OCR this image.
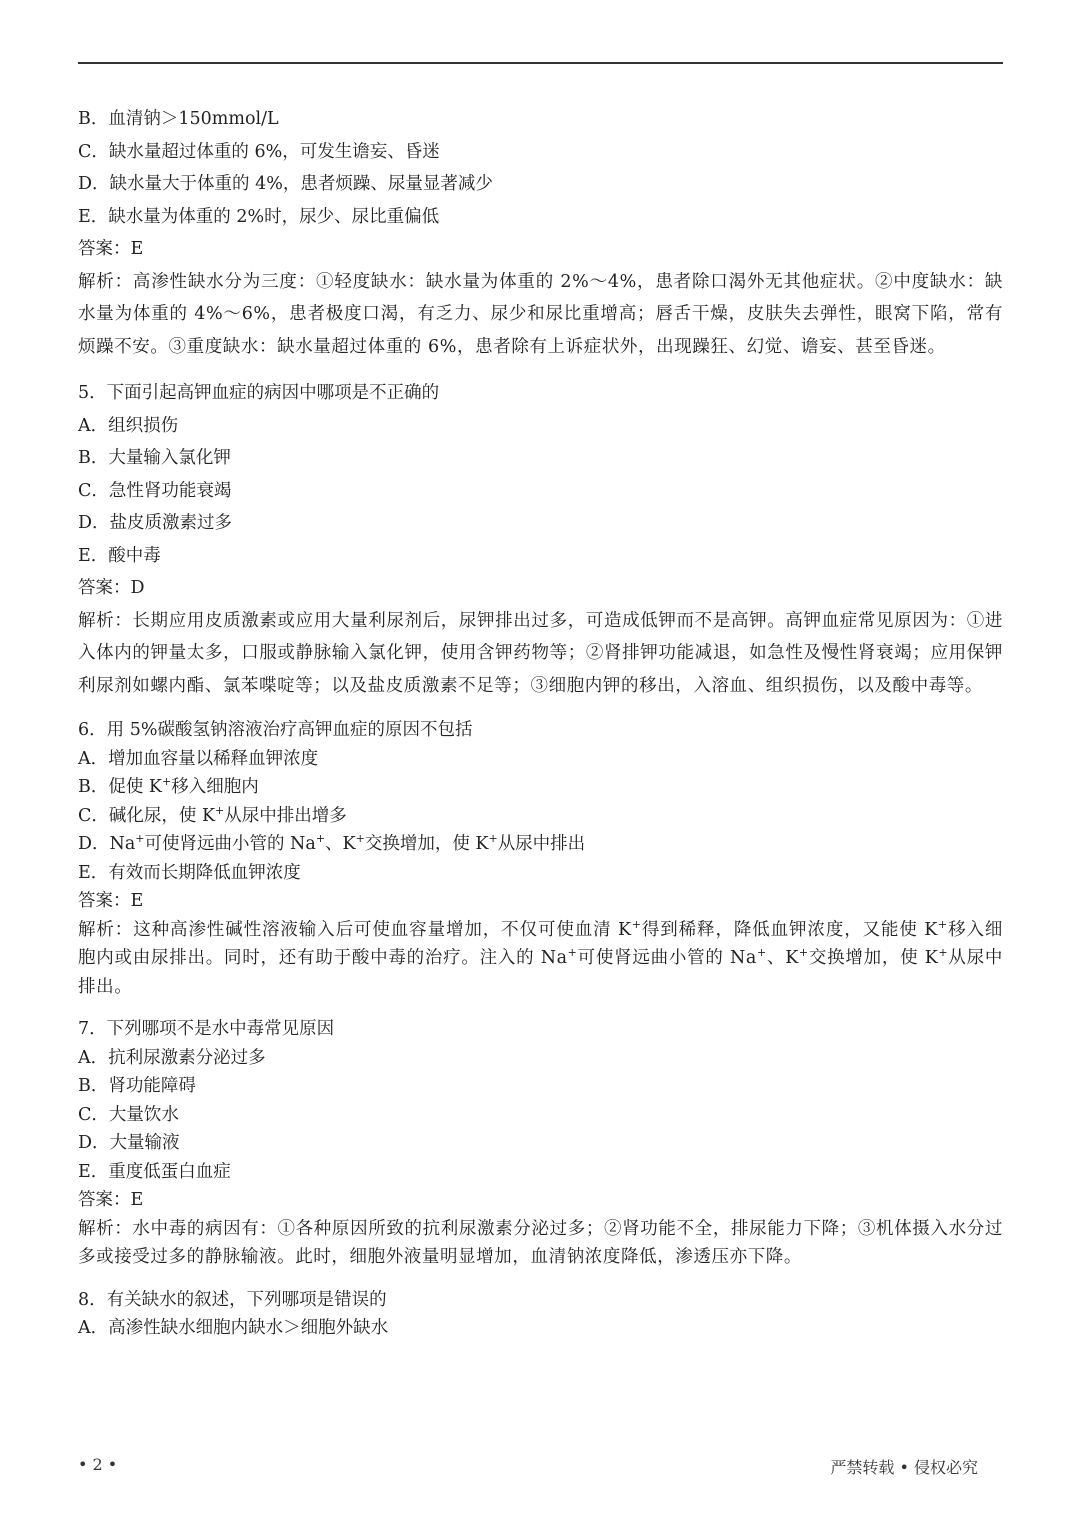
B．血清钠＞150mmol/L
C．缺水量超过体重的 6%，可发生谵妄、昏迷
D．缺水量大于体重的 4%，患者烦躁、尿量显著减少
E．缺水量为体重的 2%时，尿少、尿比重偏低
答案：E
解析：高渗性缺水分为三度：①轻度缺水：缺水量为体重的 2%～4%，患者除口渴外无其他症状。②中度缺水：缺水量为体重的 4%～6%，患者极度口渴，有乏力、尿少和尿比重增高；唇舌干燥，皮肤失去弹性，眼窝下陷，常有烦躁不安。③重度缺水：缺水量超过体重的 6%，患者除有上诉症状外，出现躁狂、幻觉、谵妄、甚至昏迷。
5．下面引起高钾血症的病因中哪项是不正确的
A．组织损伤
B．大量输入氯化钾
C．急性肾功能衰竭
D．盐皮质激素过多
E．酸中毒
答案：D
解析：长期应用皮质激素或应用大量利尿剂后，尿钾排出过多，可造成低钾而不是高钾。高钾血症常见原因为：①进入体内的钾量太多，口服或静脉输入氯化钾，使用含钾药物等；②肾排钾功能减退，如急性及慢性肾衰竭；应用保钾利尿剂如螺内酯、氯苯喋啶等；以及盐皮质激素不足等；③细胞内钾的移出，入溶血、组织损伤，以及酸中毒等。
6．用 5%碳酸氢钠溶液治疗高钾血症的原因不包括
A．增加血容量以稀释血钾浓度
B．促使 K+移入细胞内
C．碱化尿，使 K+从尿中排出增多
D．Na+可使肾远曲小管的 Na+、K+交换增加，使 K+从尿中排出
E．有效而长期降低血钾浓度
答案：E
解析：这种高渗性碱性溶液输入后可使血容量增加，不仅可使血清 K+得到稀释，降低血钾浓度，又能使 K+移入细胞内或由尿排出。同时，还有助于酸中毒的治疗。注入的 Na+可使肾远曲小管的 Na+、K+交换增加，使 K+从尿中排出。
7．下列哪项不是水中毒常见原因
A．抗利尿激素分泌过多
B．肾功能障碍
C．大量饮水
D．大量输液
E．重度低蛋白血症
答案：E
解析：水中毒的病因有：①各种原因所致的抗利尿激素分泌过多；②肾功能不全，排尿能力下降；③机体摄入水分过多或接受过多的静脉输液。此时，细胞外液量明显增加，血清钠浓度降低，渗透压亦下降。
8．有关缺水的叙述，下列哪项是错误的
A．高渗性缺水细胞内缺水＞细胞外缺水
• 2 •	严禁转载 • 侵权必究
